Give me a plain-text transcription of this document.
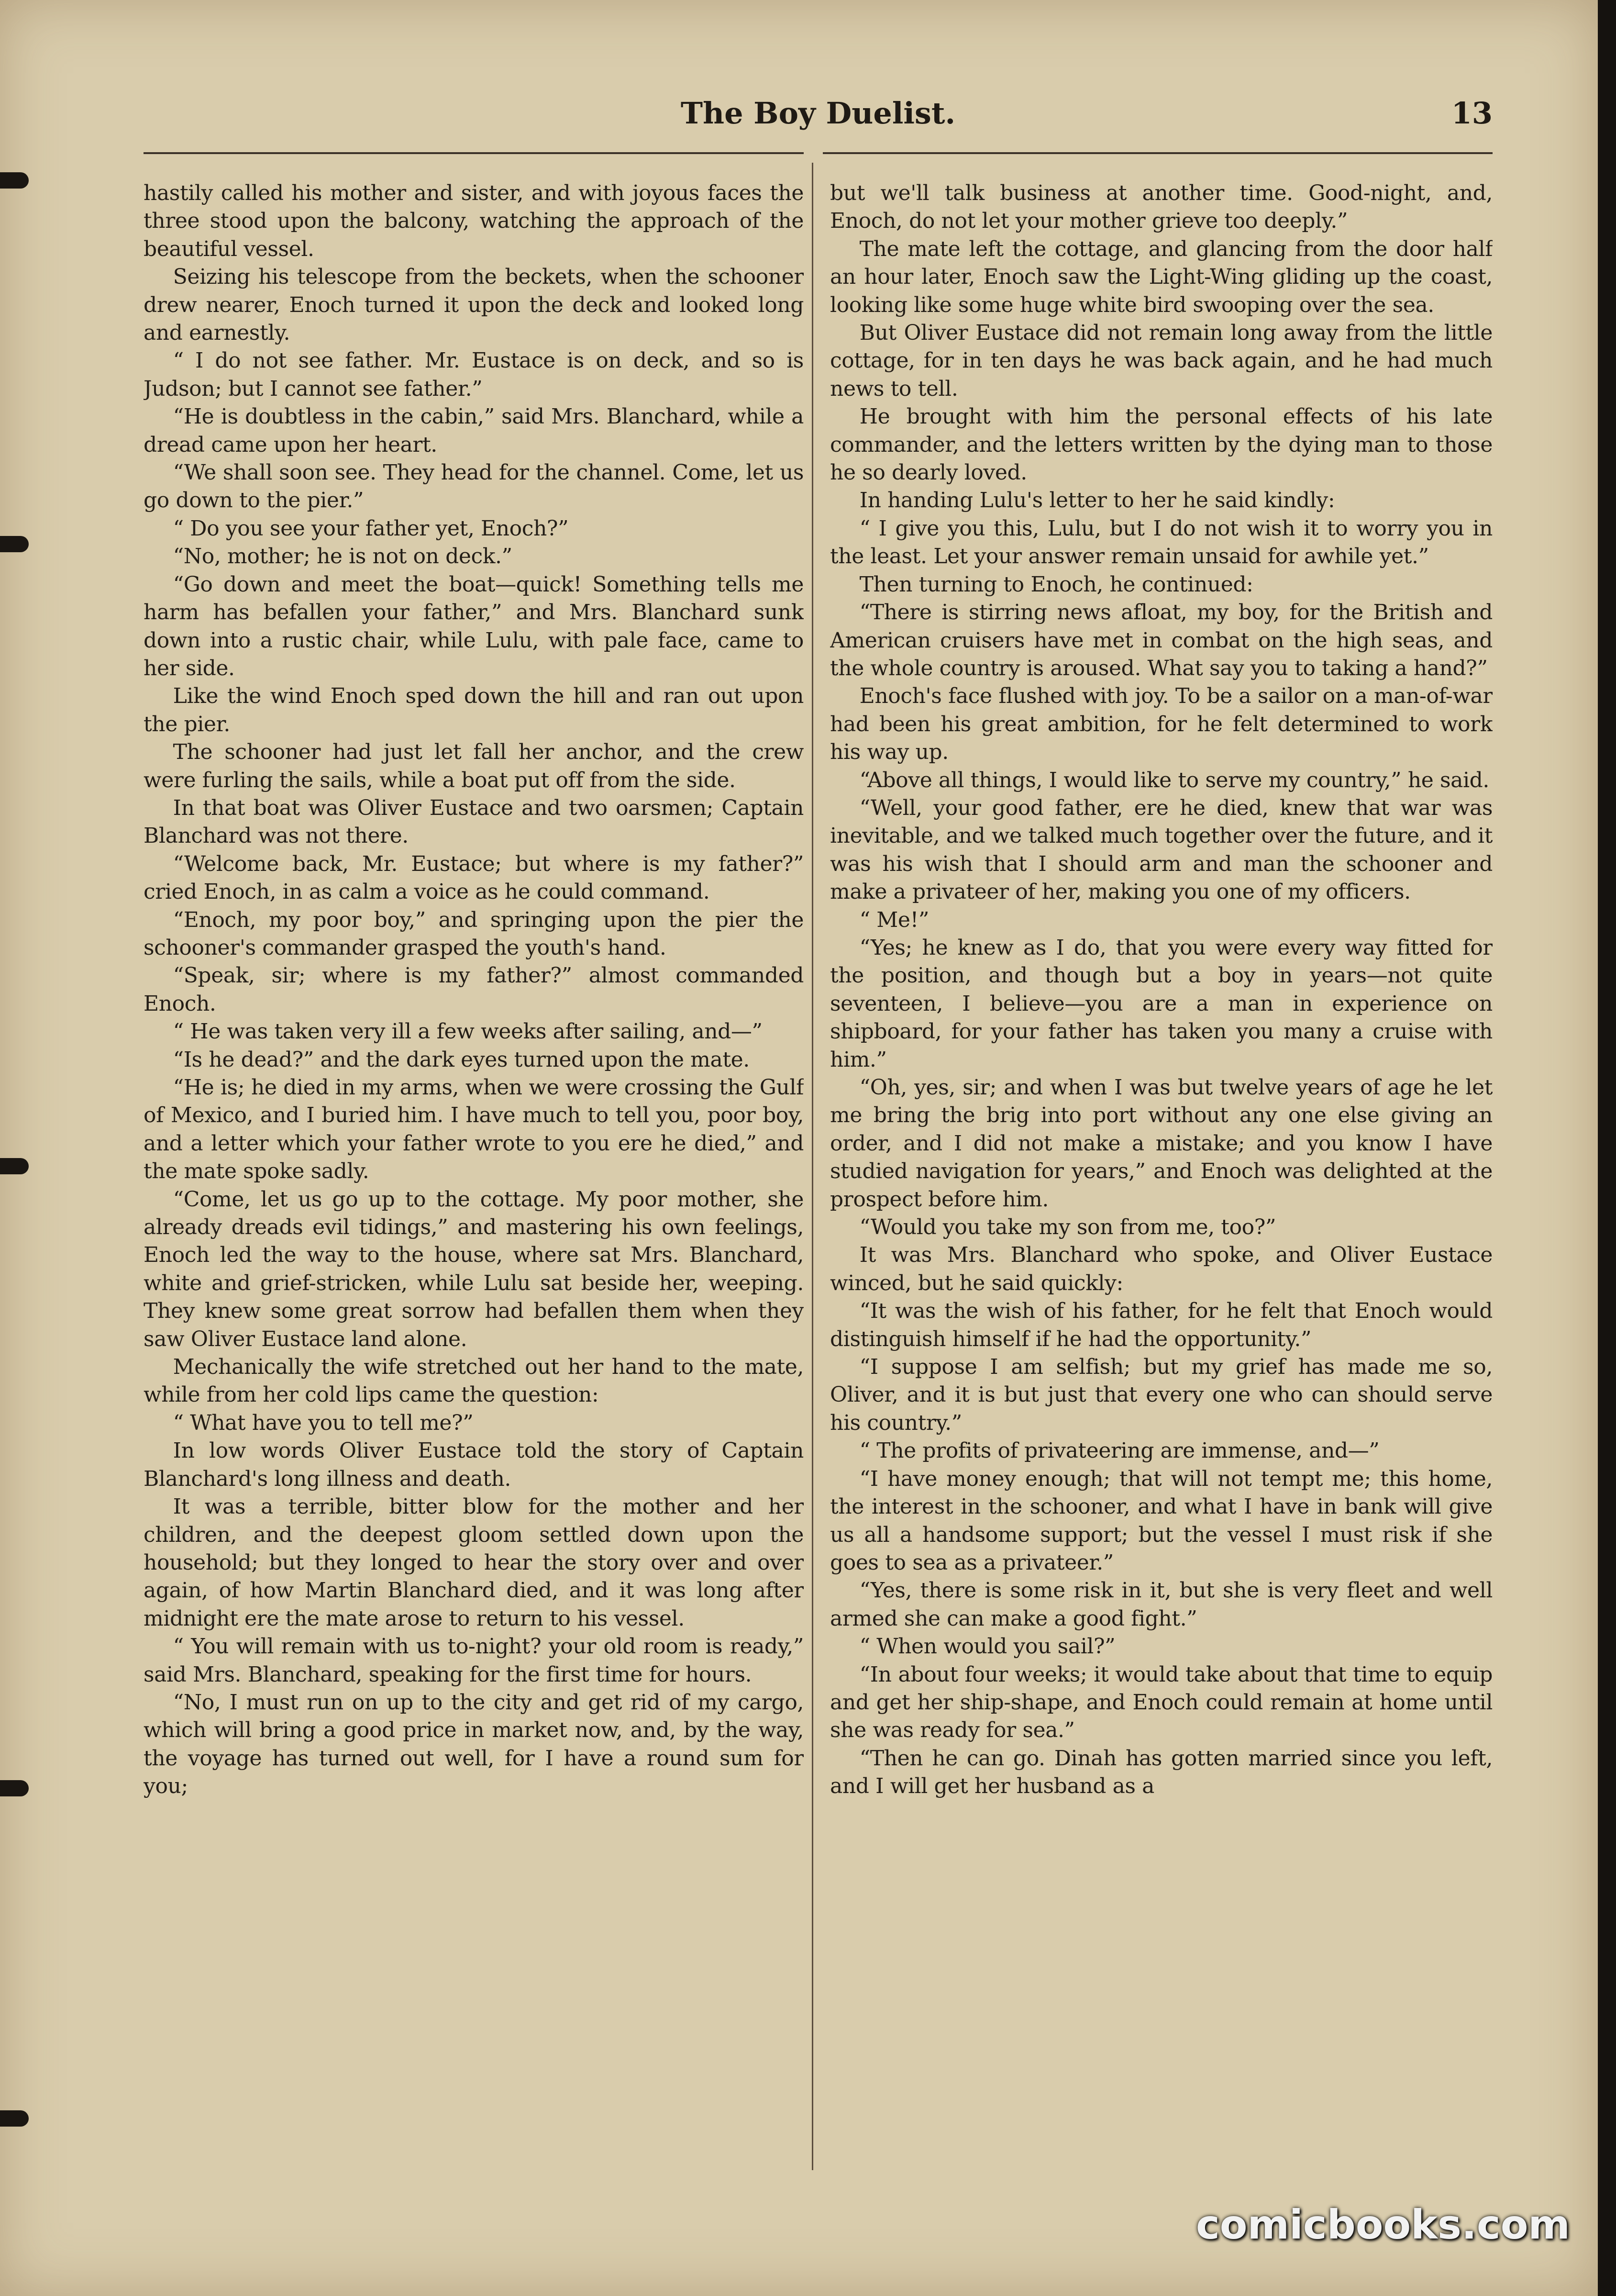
The Boy Duelist.	13

hastily called his mother and sister, and with joyous faces the three stood upon the balcony, watching the approach of the beautiful vessel.

Seizing his telescope from the beckets, when the schooner drew nearer, Enoch turned it upon the deck and looked long and earnestly.

“ I do not see father. Mr. Eustace is on deck, and so is Judson; but I cannot see father.”

“He is doubtless in the cabin,” said Mrs. Blanchard, while a dread came upon her heart.

“We shall soon see. They head for the channel. Come, let us go down to the pier.”

“ Do you see your father yet, Enoch?”

“No, mother; he is not on deck.”

“Go down and meet the boat—quick! Something tells me harm has befallen your father,” and Mrs. Blanchard sunk down into a rustic chair, while Lulu, with pale face, came to her side.

Like the wind Enoch sped down the hill and ran out upon the pier.

The schooner had just let fall her anchor, and the crew were furling the sails, while a boat put off from the side.

In that boat was Oliver Eustace and two oarsmen; Captain Blanchard was not there.

“Welcome back, Mr. Eustace; but where is my father?” cried Enoch, in as calm a voice as he could command.

“Enoch, my poor boy,” and springing upon the pier the schooner's commander grasped the youth's hand.

“Speak, sir; where is my father?” almost commanded Enoch.

“ He was taken very ill a few weeks after sailing, and—”

“Is he dead?” and the dark eyes turned upon the mate.

“He is; he died in my arms, when we were crossing the Gulf of Mexico, and I buried him. I have much to tell you, poor boy, and a letter which your father wrote to you ere he died,” and the mate spoke sadly.

“Come, let us go up to the cottage. My poor mother, she already dreads evil tidings,” and mastering his own feelings, Enoch led the way to the house, where sat Mrs. Blanchard, white and grief-stricken, while Lulu sat beside her, weeping. They knew some great sorrow had befallen them when they saw Oliver Eustace land alone.

Mechanically the wife stretched out her hand to the mate, while from her cold lips came the question:

“ What have you to tell me?”

In low words Oliver Eustace told the story of Captain Blanchard's long illness and death.

It was a terrible, bitter blow for the mother and her children, and the deepest gloom settled down upon the household; but they longed to hear the story over and over again, of how Martin Blanchard died, and it was long after midnight ere the mate arose to return to his vessel.

“ You will remain with us to-night? your old room is ready,” said Mrs. Blanchard, speaking for the first time for hours.

“No, I must run on up to the city and get rid of my cargo, which will bring a good price in market now, and, by the way, the voyage has turned out well, for I have a round sum for you;

but we'll talk business at another time. Good-night, and, Enoch, do not let your mother grieve too deeply.”

The mate left the cottage, and glancing from the door half an hour later, Enoch saw the Light-Wing gliding up the coast, looking like some huge white bird swooping over the sea.

But Oliver Eustace did not remain long away from the little cottage, for in ten days he was back again, and he had much news to tell.

He brought with him the personal effects of his late commander, and the letters written by the dying man to those he so dearly loved.

In handing Lulu's letter to her he said kindly:

“ I give you this, Lulu, but I do not wish it to worry you in the least. Let your answer remain unsaid for awhile yet.”

Then turning to Enoch, he continued:

“There is stirring news afloat, my boy, for the British and American cruisers have met in combat on the high seas, and the whole country is aroused. What say you to taking a hand?”

Enoch's face flushed with joy. To be a sailor on a man-of-war had been his great ambition, for he felt determined to work his way up.

“Above all things, I would like to serve my country,” he said.

“Well, your good father, ere he died, knew that war was inevitable, and we talked much together over the future, and it was his wish that I should arm and man the schooner and make a privateer of her, making you one of my officers.

“ Me!”

“Yes; he knew as I do, that you were every way fitted for the position, and though but a boy in years—not quite seventeen, I believe—you are a man in experience on shipboard, for your father has taken you many a cruise with him.”

“Oh, yes, sir; and when I was but twelve years of age he let me bring the brig into port without any one else giving an order, and I did not make a mistake; and you know I have studied navigation for years,” and Enoch was delighted at the prospect before him.

“Would you take my son from me, too?”

It was Mrs. Blanchard who spoke, and Oliver Eustace winced, but he said quickly:

“It was the wish of his father, for he felt that Enoch would distinguish himself if he had the opportunity.”

“I suppose I am selfish; but my grief has made me so, Oliver, and it is but just that every one who can should serve his country.”

“ The profits of privateering are immense, and—”

“I have money enough; that will not tempt me; this home, the interest in the schooner, and what I have in bank will give us all a handsome support; but the vessel I must risk if she goes to sea as a privateer.”

“Yes, there is some risk in it, but she is very fleet and well armed she can make a good fight.”

“ When would you sail?”

“In about four weeks; it would take about that time to equip and get her ship-shape, and Enoch could remain at home until she was ready for sea.”

“Then he can go. Dinah has gotten married since you left, and I will get her husband as a

comicbooks.com
